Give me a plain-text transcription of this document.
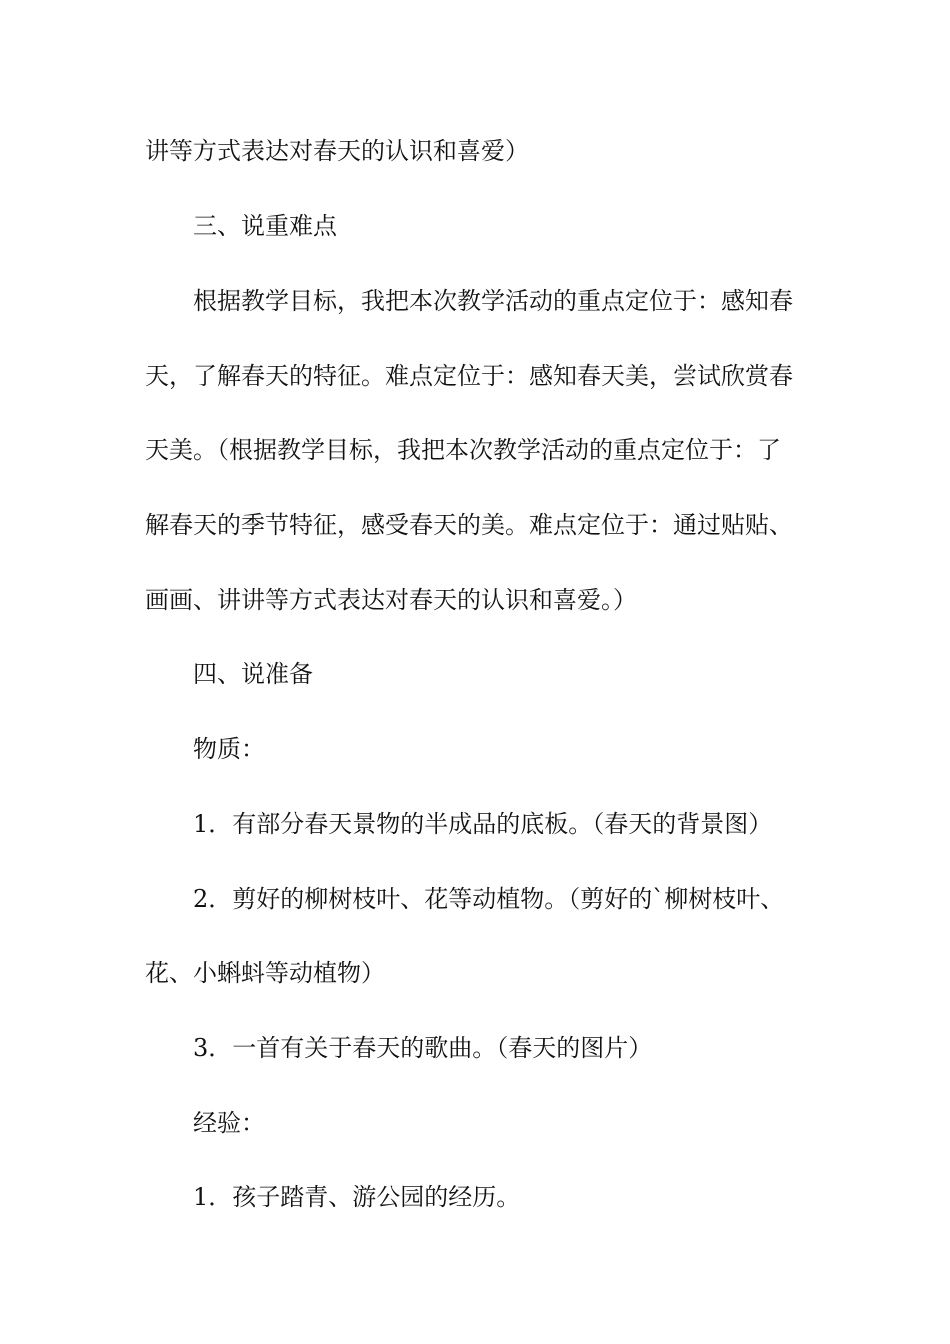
讲等方式表达对春天的认识和喜爱）
三、说重难点
根据教学目标，我把本次教学活动的重点定位于：感知春
天，了解春天的特征。难点定位于：感知春天美，尝试欣赏春
天美。（根据教学目标，我把本次教学活动的重点定位于：了
解春天的季节特征，感受春天的美。难点定位于：通过贴贴、
画画、讲讲等方式表达对春天的认识和喜爱。）
四、说准备
物质：
1．有部分春天景物的半成品的底板。（春天的背景图）
2．剪好的柳树枝叶、花等动植物。（剪好的`柳树枝叶、
花、小蝌蚪等动植物）
3．一首有关于春天的歌曲。（春天的图片）
经验：
1．孩子踏青、游公园的经历。
